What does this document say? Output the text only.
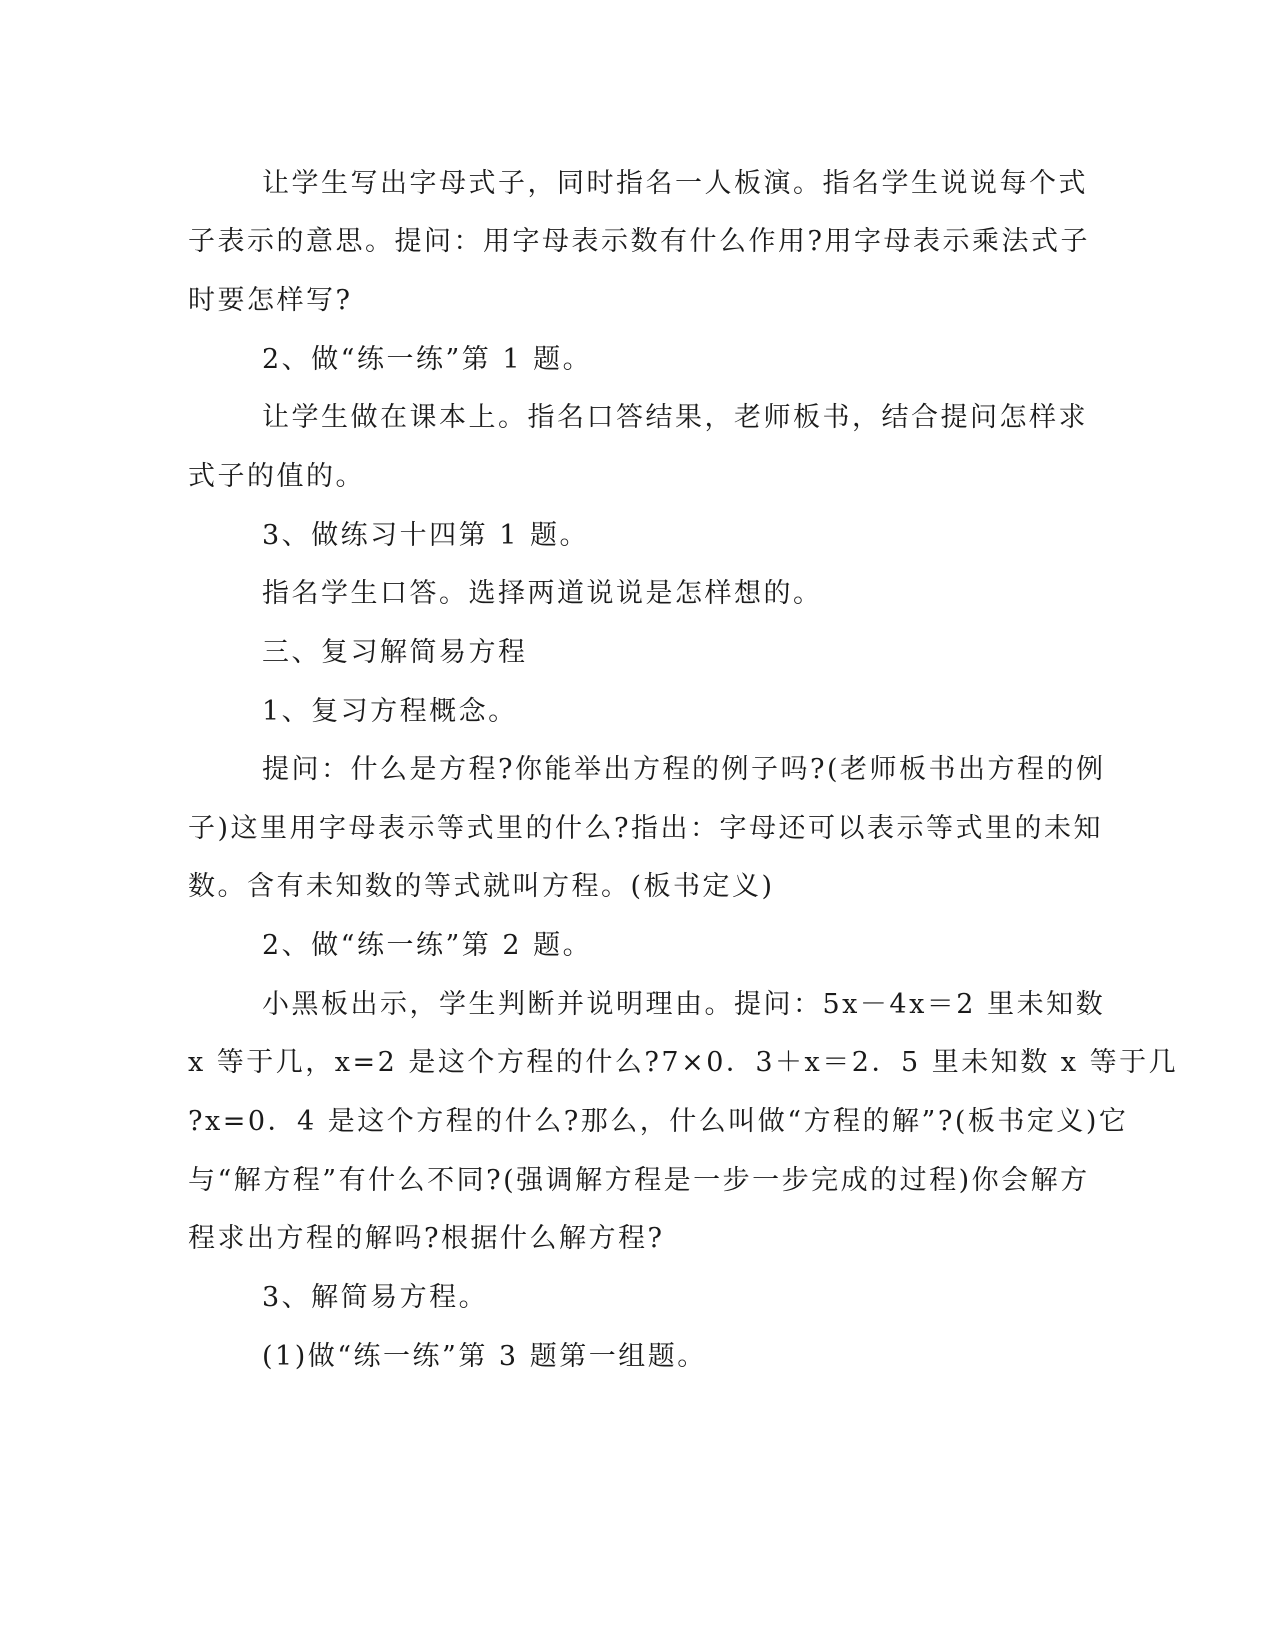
让学生写出字母式子，同时指名一人板演。指名学生说说每个式
子表示的意思。提问：用字母表示数有什么作用?用字母表示乘法式子
时要怎样写?
2、做“练一练”第 1 题。
让学生做在课本上。指名口答结果，老师板书，结合提问怎样求
式子的值的。
3、做练习十四第 1 题。
指名学生口答。选择两道说说是怎样想的。
三、复习解简易方程
1、复习方程概念。
提问：什么是方程?你能举出方程的例子吗?(老师板书出方程的例
子)这里用字母表示等式里的什么?指出：字母还可以表示等式里的未知
数。含有未知数的等式就叫方程。(板书定义)
2、做“练一练”第 2 题。
小黑板出示，学生判断并说明理由。提问：5x－4x＝2 里未知数
x 等于几，x=2 是这个方程的什么?7×0．3＋x＝2．5 里未知数 x 等于几
?x=0．4 是这个方程的什么?那么，什么叫做“方程的解”?(板书定义)它
与“解方程”有什么不同?(强调解方程是一步一步完成的过程)你会解方
程求出方程的解吗?根据什么解方程?
3、解简易方程。
(1)做“练一练”第 3 题第一组题。
